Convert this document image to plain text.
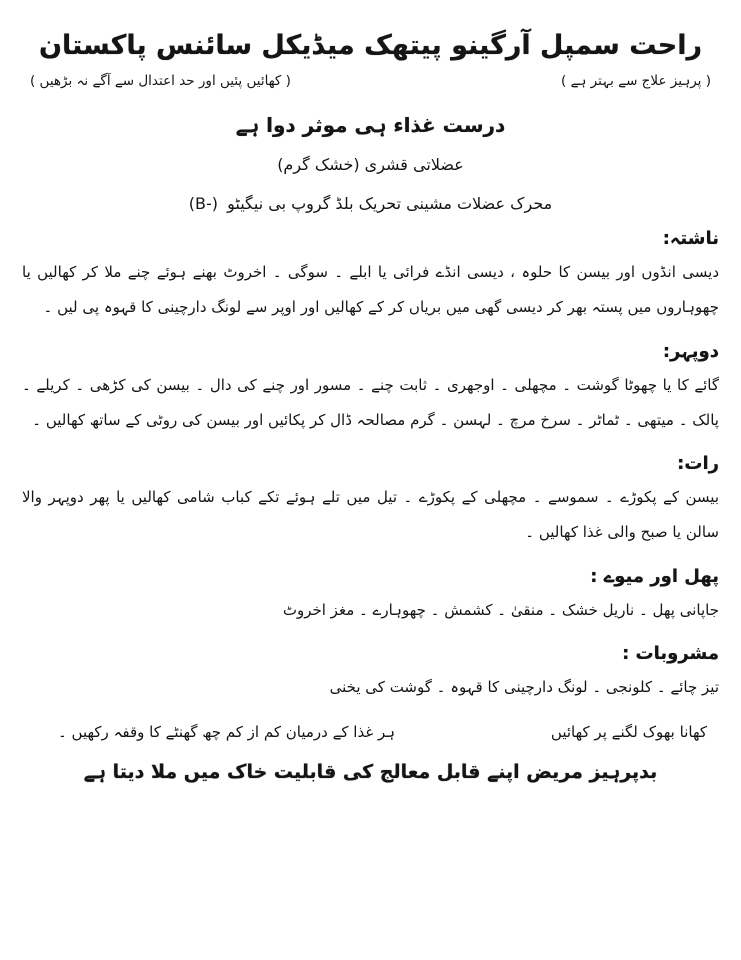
راحت سمپل آرگینو پیتھک میڈیکل سائنس پاکستان
( پرہیز علاج سے بہتر ہے )
( کھائیں پئیں اور حد اعتدال سے آگے نہ بڑھیں )
درست غذاء ہی موثر دوا ہے
عضلاتی قشری (خشک گرم)
محرک عضلات مشینی تحریک بلڈ گروپ بی نیگیٹو (B-)
ناشتہ:

دیسی انڈوں اور بیسن کا حلوہ ، دیسی انڈے فرائی یا ابلے ۔ سوگی ۔ اخروٹ بھنے ہوئے چنے ملا کر کھالیں یا چھوہاروں میں پستہ بھر کر دیسی گھی میں بریاں کر کے کھالیں اور اوپر سے لونگ دارچینی کا قہوہ پی لیں ۔

دوپہر:

گائے کا یا چھوٹا گوشت ۔ مچھلی ۔ اوجھری ۔ ثابت چنے ۔ مسور اور چنے کی دال ۔ بیسن کی کڑھی ۔ کریلے ۔ پالک ۔ میتھی ۔ ٹماٹر ۔ سرخ مرچ ۔ لہسن ۔ گرم مصالحہ ڈال کر پکائیں اور بیسن کی روٹی کے ساتھ کھالیں ۔

رات:

بیسن کے پکوڑے ۔ سموسے ۔ مچھلی کے پکوڑے ۔ تیل میں تلے ہوئے تکے کباب شامی کھالیں یا پھر دوپہر والا سالن یا صبح والی غذا کھالیں ۔

پھل اور میوے :

جاپانی پھل ۔ ناریل خشک ۔ منقیٰ ۔ کشمش ۔ چھوہارے ۔ مغز اخروٹ

مشروبات :

تیز چائے ۔ کلونجی ۔ لونگ دارچینی کا قہوہ ۔ گوشت کی یخنی

کھانا بھوک لگنے پر کھائیں
ہر غذا کے درمیان کم از کم چھ گھنٹے کا وقفہ رکھیں ۔

بدپرہیز مریض اپنے قابل معالج کی قابلیت خاک میں ملا دیتا ہے
